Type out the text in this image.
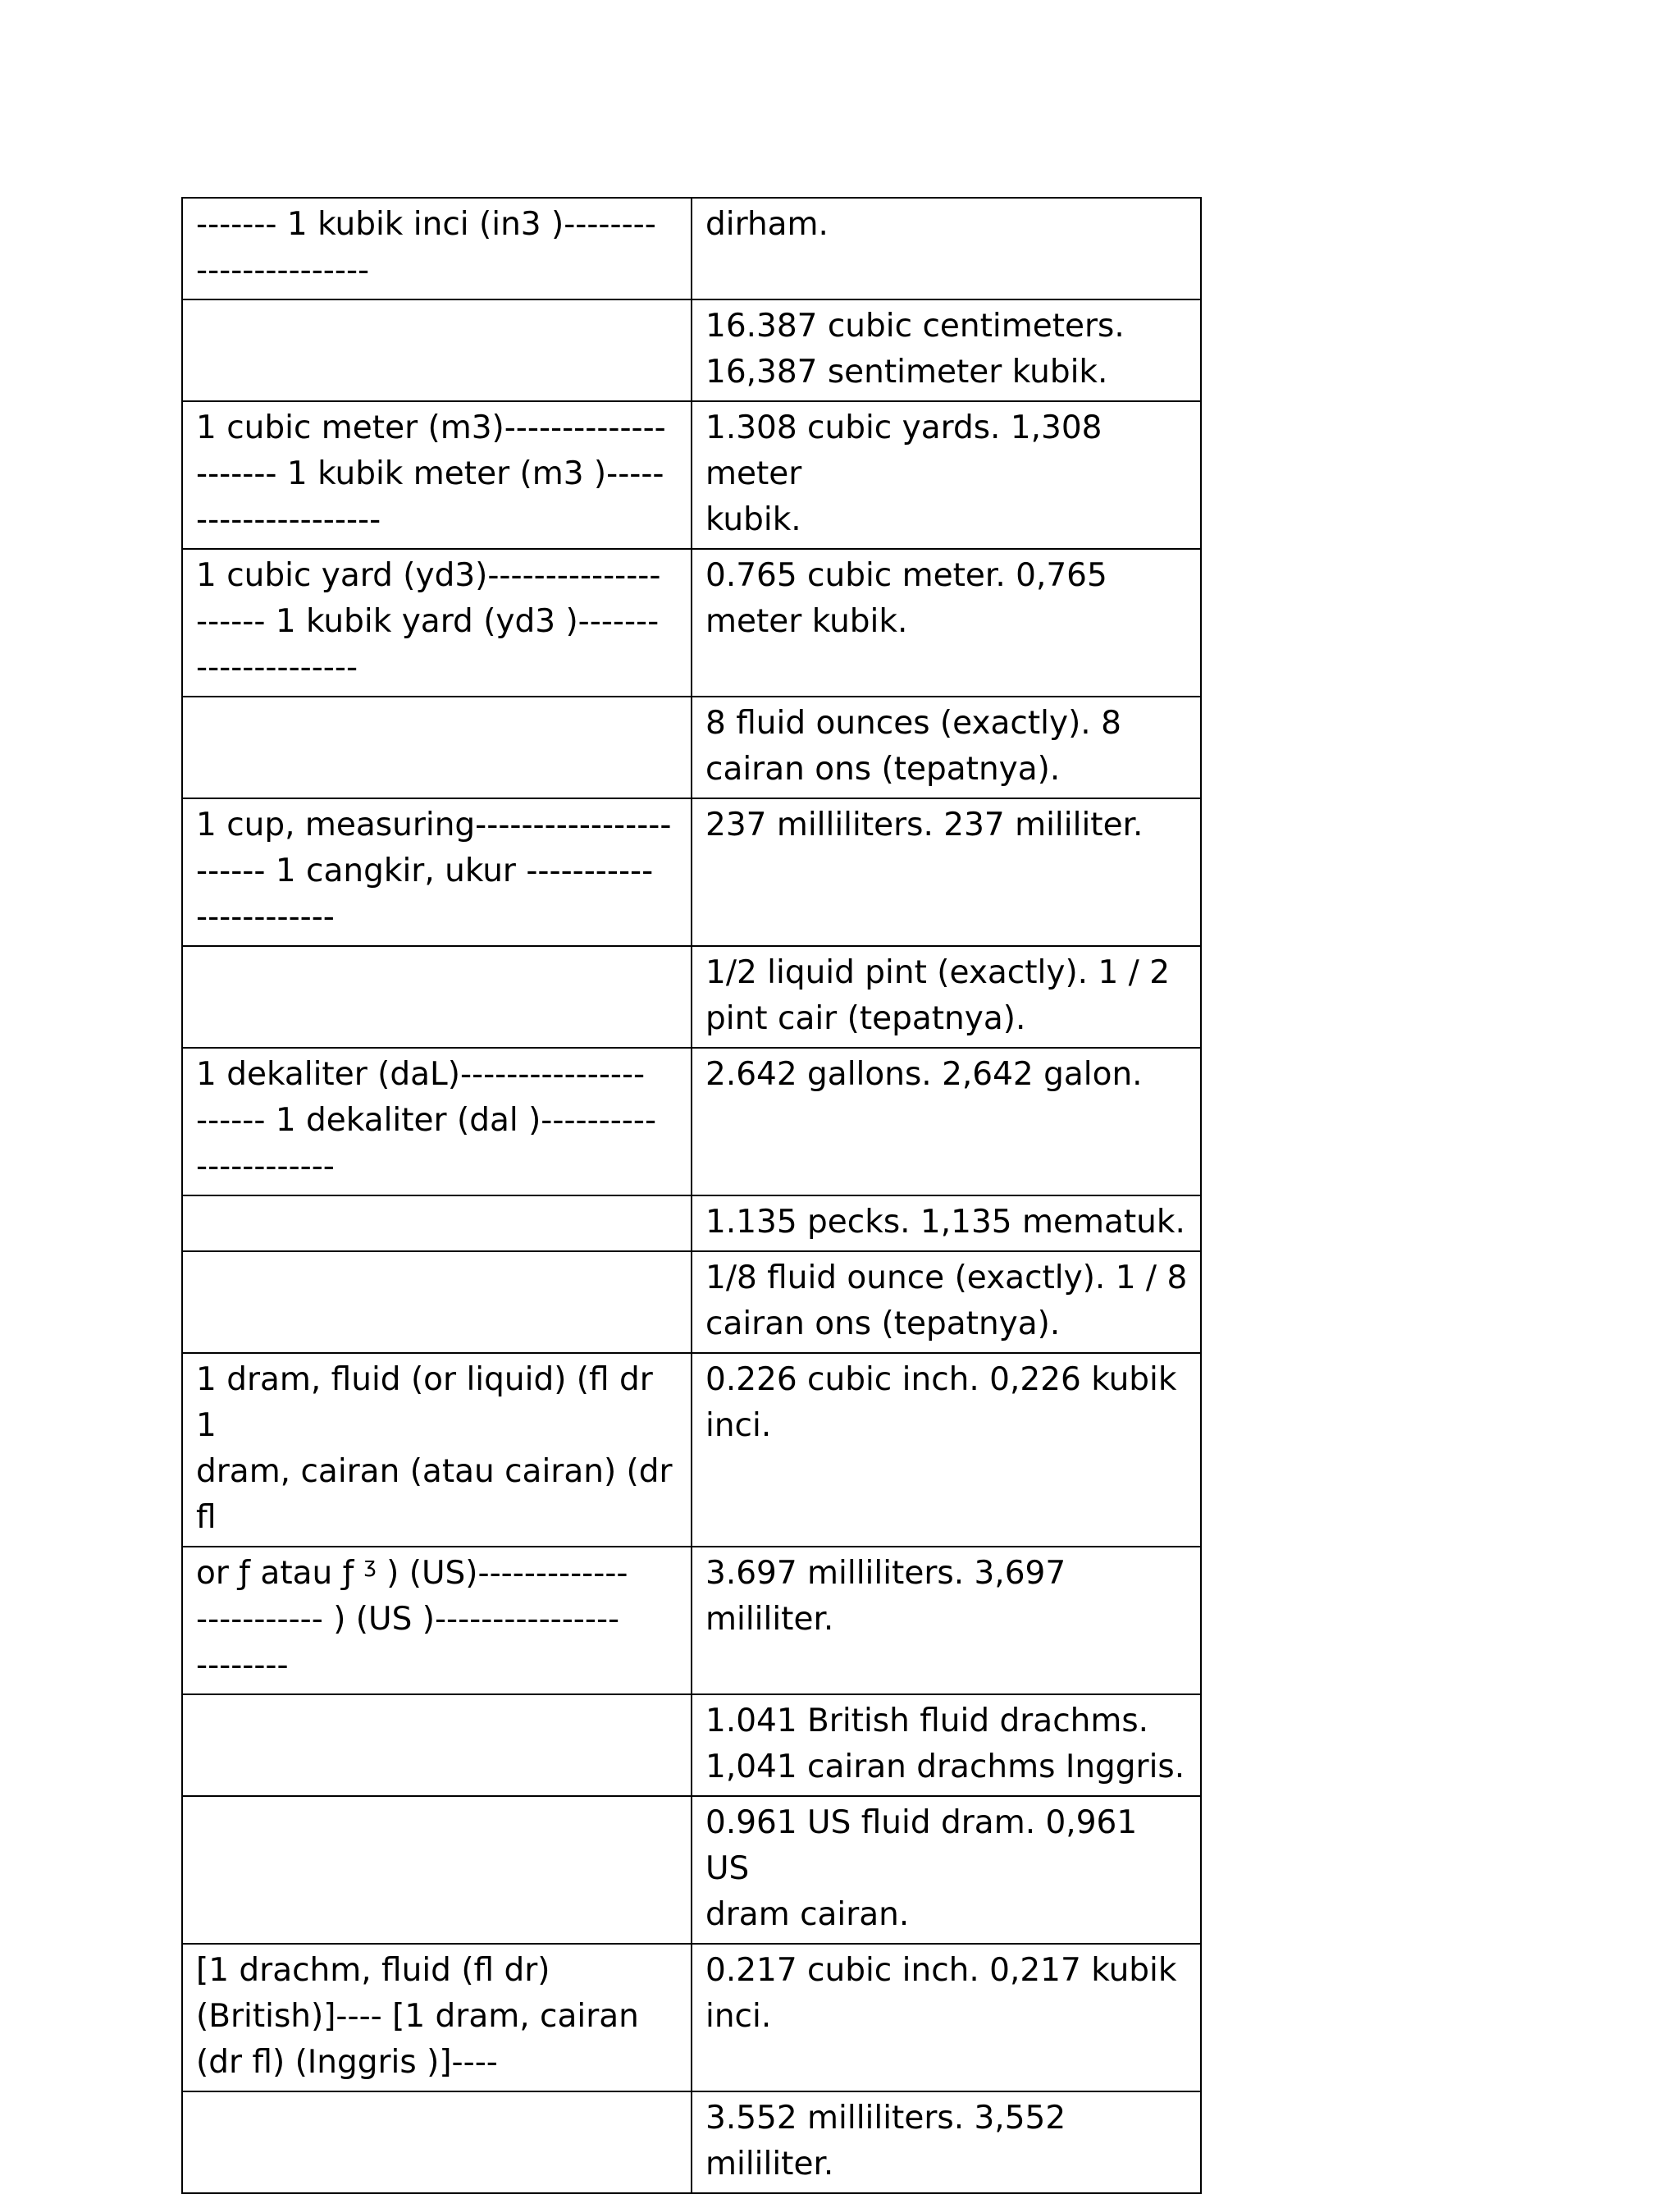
------- 1 kubik inci (in3 )--------
---------------	dirham.
	16.387 cubic centimeters.
16,387 sentimeter kubik.
1 cubic meter (m3)--------------
------- 1 kubik meter (m3 )-----
----------------	1.308 cubic yards. 1,308 meter
kubik.
1 cubic yard (yd3)---------------
------ 1 kubik yard (yd3 )-------
--------------	0.765 cubic meter. 0,765
meter kubik.
	8 fluid ounces (exactly). 8
cairan ons (tepatnya).
1 cup, measuring-----------------
------ 1 cangkir, ukur -----------
------------	237 milliliters. 237 mililiter.
	1/2 liquid pint (exactly). 1 / 2
pint cair (tepatnya).
1 dekaliter (daL)----------------
------ 1 dekaliter (dal )----------
------------	2.642 gallons. 2,642 galon.
	1.135 pecks. 1,135 mematuk.
	1/8 fluid ounce (exactly). 1 / 8
cairan ons (tepatnya).
1 dram, fluid (or liquid) (fl dr 1
dram, cairan (atau cairan) (dr
fl	0.226 cubic inch. 0,226 kubik
inci.
or ƒ atau ƒ $^ʒ$ ) (US)-------------
----------- ) (US )----------------
--------	3.697 milliliters. 3,697
mililiter.
	1.041 British fluid drachms.
1,041 cairan drachms Inggris.
	0.961 US fluid dram. 0,961 US
dram cairan.
[1 drachm, fluid (fl dr)
(British)]---- [1 dram, cairan
(dr fl) (Inggris )]----	0.217 cubic inch. 0,217 kubik
inci.
	3.552 milliliters. 3,552
mililiter.
